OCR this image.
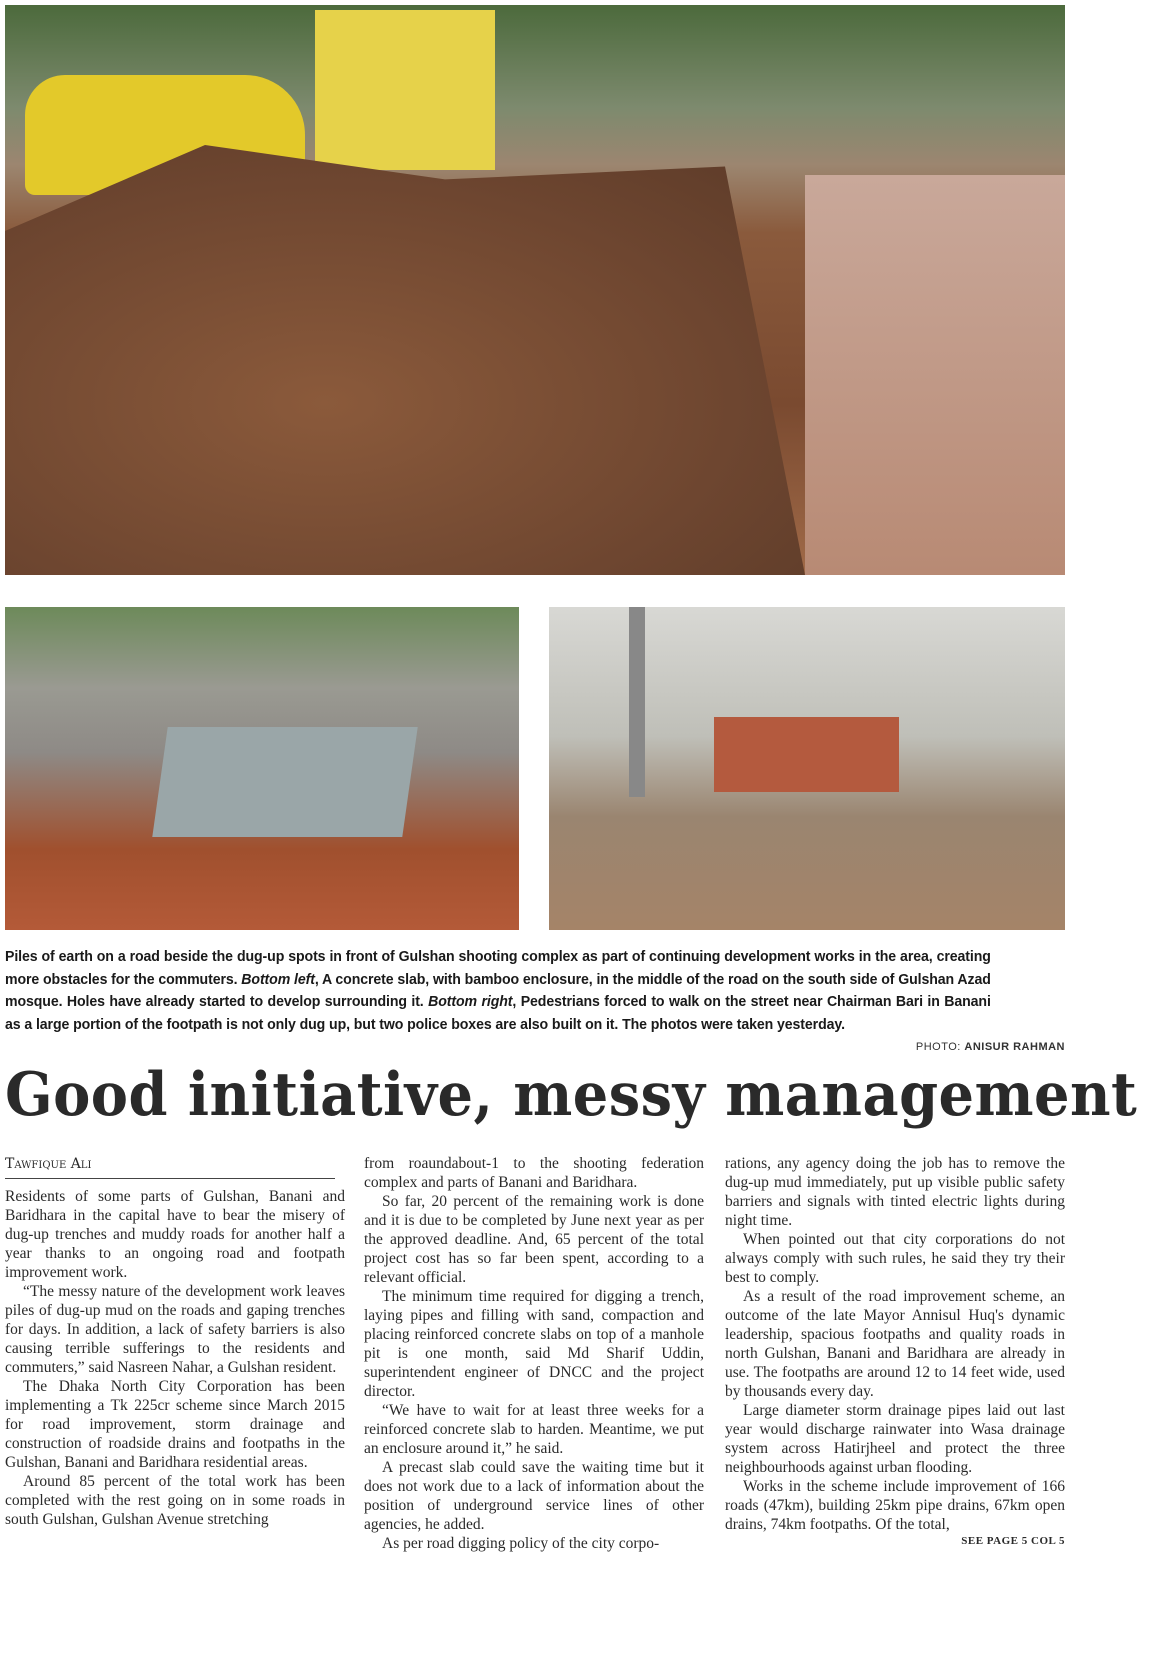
Piles of earth on a road beside the dug-up spots in front of Gulshan shooting complex as part of continuing development works in the area, creating more obstacles for the commuters. Bottom left, A concrete slab, with bamboo enclosure, in the middle of the road on the south side of Gulshan Azad mosque. Holes have already started to develop surrounding it. Bottom right, Pedestrians forced to walk on the street near Chairman Bari in Banani as a large portion of the footpath is not only dug up, but two police boxes are also built on it. The photos were taken yesterday.
PHOTO: ANISUR RAHMAN
Good initiative, messy management
Tawfique Ali

Residents of some parts of Gulshan, Banani and Baridhara in the capital have to bear the misery of dug-up trenches and muddy roads for another half a year thanks to an ongoing road and footpath improvement work.

“The messy nature of the development work leaves piles of dug-up mud on the roads and gaping trenches for days. In addition, a lack of safety barriers is also causing terrible sufferings to the residents and commuters,” said Nasreen Nahar, a Gulshan resident.

The Dhaka North City Corporation has been implementing a Tk 225cr scheme since March 2015 for road improvement, storm drainage and construction of roadside drains and footpaths in the Gulshan, Banani and Baridhara residential areas.

Around 85 percent of the total work has been completed with the rest going on in some roads in south Gulshan, Gulshan Avenue stretching

from roaundabout-1 to the shooting federation complex and parts of Banani and Baridhara.

So far, 20 percent of the remaining work is done and it is due to be completed by June next year as per the approved deadline. And, 65 percent of the total project cost has so far been spent, according to a relevant official.

The minimum time required for digging a trench, laying pipes and filling with sand, compaction and placing reinforced concrete slabs on top of a manhole pit is one month, said Md Sharif Uddin, superintendent engineer of DNCC and the project director.

“We have to wait for at least three weeks for a reinforced concrete slab to harden. Meantime, we put an enclosure around it,” he said.

A precast slab could save the waiting time but it does not work due to a lack of information about the position of underground service lines of other agencies, he added.

As per road digging policy of the city corpo-

rations, any agency doing the job has to remove the dug-up mud immediately, put up visible public safety barriers and signals with tinted electric lights during night time.

When pointed out that city corporations do not always comply with such rules, he said they try their best to comply.

As a result of the road improvement scheme, an outcome of the late Mayor Annisul Huq's dynamic leadership, spacious footpaths and quality roads in north Gulshan, Banani and Baridhara are already in use. The footpaths are around 12 to 14 feet wide, used by thousands every day.

Large diameter storm drainage pipes laid out last year would discharge rainwater into Wasa drainage system across Hatirjheel and protect the three neighbourhoods against urban flooding.

Works in the scheme include improvement of 166 roads (47km), building 25km pipe drains, 67km open drains, 74km footpaths. Of the total,

SEE PAGE 5 COL 5
